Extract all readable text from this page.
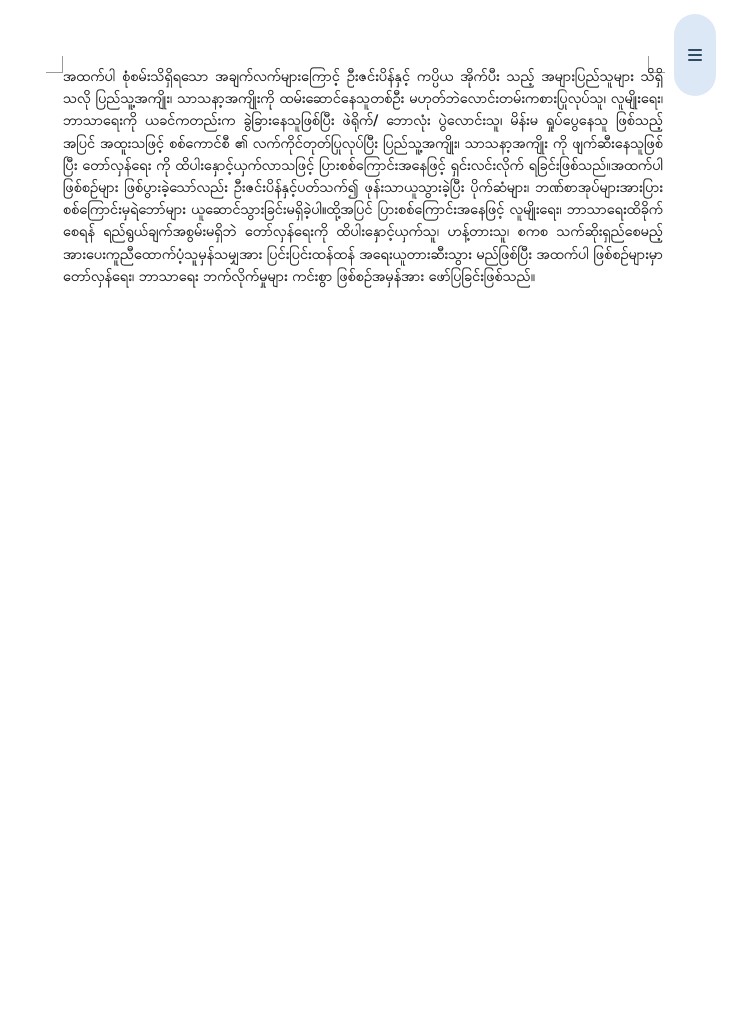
အထက်ပါ စုံစမ်းသိရှိရသော အချက်လက်များကြောင့် ဦးဇင်းပိန်နှင့် ကပ္ပိယ အိုက်ပီး သည့် အများပြည်သူများ သိရှိသလို ပြည်သူ့အကျိုး၊ သာသနာ့အကျိုးကို ထမ်းဆောင်နေသူတစ်ဦး မဟုတ်ဘဲလောင်းတမ်းကစားပြုလုပ်သူ၊ လူမျိုးရေး၊ ဘာသာရေးကို ယခင်ကတည်းက ခွဲခြားနေသူဖြစ်ပြီး ဖဲရိုက်/ ဘောလုံး ပွဲလောင်းသူ၊ မိန်းမ ရှုပ်ပွေနေသူ ဖြစ်သည့်အပြင် အထူးသဖြင့် စစ်ကောင်စီ ၏ လက်ကိုင်တုတ်ပြုလုပ်ပြီး ပြည်သူ့အကျိုး၊ သာသနာ့အကျိုး ကို ဖျက်ဆီးနေသူဖြစ်ပြီး တော်လှန်ရေး ကို ထိပါးနှောင့်ယှက်လာသဖြင့် ပြားစစ်ကြောင်းအနေဖြင့် ရှင်းလင်းလိုက် ရခြင်းဖြစ်သည်။အထက်ပါဖြစ်စဉ်များ ဖြစ်ပွားခဲ့သော်လည်း ဦးဇင်းပိန်နှင့်ပတ်သက်၍ ဖုန်းသာယူသွားခဲ့ပြီး ပိုက်ဆံများ၊ ဘဏ်စာအုပ်များအားပြားစစ်ကြောင်းမှရဲဘော်များ ယူဆောင်သွားခြင်းမရှိခဲ့ပါ။ထို့အပြင် ပြားစစ်ကြောင်းအနေဖြင့် လူမျိုးရေး၊ ဘာသာရေးထိခိုက် စေရန် ရည်ရွယ်ချက်အစွမ်းမရှိဘဲ တော်လှန်ရေးကို ထိပါးနှောင့်ယှက်သူ၊ ဟန့်တားသူ၊ စကစ သက်ဆိုးရှည်စေမည့် အားပေးကူညီထောက်ပံ့သူမှန်သမျှအား ပြင်းပြင်းထန်ထန် အရေးယူတားဆီးသွား မည်ဖြစ်ပြီး အထက်ပါ ဖြစ်စဉ်များမှာ တော်လှန်ရေး၊ ဘာသာရေး ဘက်လိုက်မှုများ ကင်းစွာ ဖြစ်စဉ်အမှန်အား ဖော်ပြခြင်းဖြစ်သည်။
